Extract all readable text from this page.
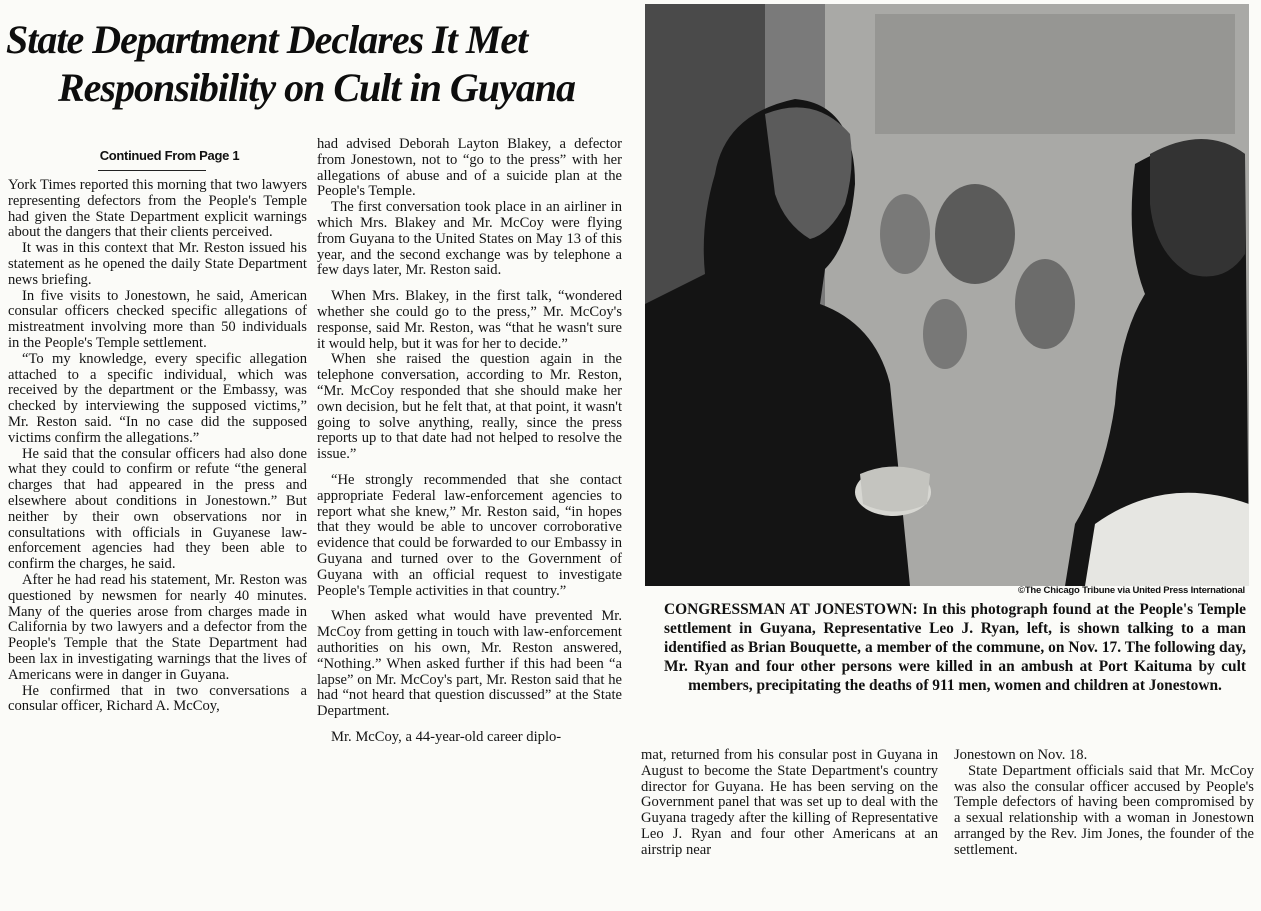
State Department Declares It Met
Responsibility on Cult in Guyana
Continued From Page 1

York Times reported this morning that two lawyers representing defectors from the People's Temple had given the State Department explicit warnings about the dangers that their clients perceived.

It was in this context that Mr. Reston issued his statement as he opened the daily State Department news briefing.

In five visits to Jonestown, he said, American consular officers checked specific allegations of mistreatment involving more than 50 individuals in the People's Temple settlement.

“To my knowledge, every specific allegation attached to a specific individual, which was received by the department or the Embassy, was checked by interviewing the supposed victims,” Mr. Reston said. “In no case did the supposed victims confirm the allegations.”

He said that the consular officers had also done what they could to confirm or refute “the general charges that had appeared in the press and elsewhere about conditions in Jonestown.” But neither by their own observations nor in consultations with officials in Guyanese law-enforcement agencies had they been able to confirm the charges, he said.

After he had read his statement, Mr. Reston was questioned by newsmen for nearly 40 minutes. Many of the queries arose from charges made in California by two lawyers and a defector from the People's Temple that the State Department had been lax in investigating warnings that the lives of Americans were in danger in Guyana.

He confirmed that in two conversations a consular officer, Richard A. McCoy,

had advised Deborah Layton Blakey, a defector from Jonestown, not to “go to the press” with her allegations of abuse and of a suicide plan at the People's Temple.

The first conversation took place in an airliner in which Mrs. Blakey and Mr. McCoy were flying from Guyana to the United States on May 13 of this year, and the second exchange was by telephone a few days later, Mr. Reston said.

When Mrs. Blakey, in the first talk, “wondered whether she could go to the press,” Mr. McCoy's response, said Mr. Reston, was “that he wasn't sure it would help, but it was for her to decide.”

When she raised the question again in the telephone conversation, according to Mr. Reston, “Mr. McCoy responded that she should make her own decision, but he felt that, at that point, it wasn't going to solve anything, really, since the press reports up to that date had not helped to resolve the issue.”

“He strongly recommended that she contact appropriate Federal law-enforcement agencies to report what she knew,” Mr. Reston said, “in hopes that they would be able to uncover corroborative evidence that could be forwarded to our Embassy in Guyana and turned over to the Government of Guyana with an official request to investigate People's Temple activities in that country.”

When asked what would have prevented Mr. McCoy from getting in touch with law-enforcement authorities on his own, Mr. Reston answered, “Nothing.” When asked further if this had been “a lapse” on Mr. McCoy's part, Mr. Reston said that he had “not heard that question discussed” at the State Department.

Mr. McCoy, a 44-year-old career diplo-

©The Chicago Tribune via United Press International
CONGRESSMAN AT JONESTOWN: In this photograph found at the People's Temple settlement in Guyana, Representative Leo J. Ryan, left, is shown talking to a man identified as Brian Bouquette, a member of the commune, on Nov. 17. The following day, Mr. Ryan and four other persons were killed in an ambush at Port Kaituma by cult members, precipitating the deaths of 911 men, women and children at Jonestown.

mat, returned from his consular post in Guyana in August to become the State Department's country director for Guyana. He has been serving on the Government panel that was set up to deal with the Guyana tragedy after the killing of Representative Leo J. Ryan and four other Americans at an airstrip near

Jonestown on Nov. 18.

State Department officials said that Mr. McCoy was also the consular officer accused by People's Temple defectors of having been compromised by a sexual relationship with a woman in Jonestown arranged by the Rev. Jim Jones, the founder of the settlement.
